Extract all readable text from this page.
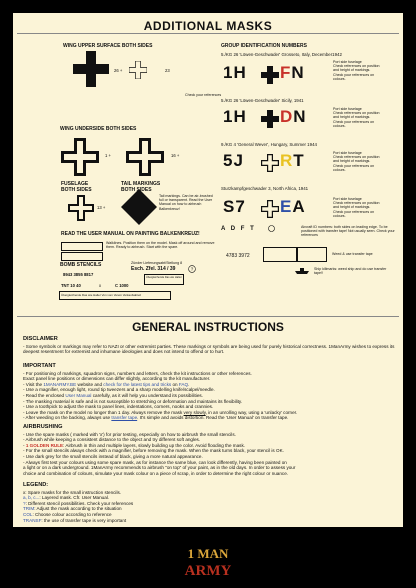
ADDITIONAL MASKS
WING UPPER SURFACE BOTH SIDES
26 +	23
Check your references
WING UNDERSIDE BOTH SIDES
1 +	16 +
FUSELAGE
BOTH SIDES
TAIL MARKINGS
BOTH SIDES
13 +
Tail markings. Can be air-brushed full or transparent. Read the User Manual on how to airbrush Balkenkreuz!
READ THE USER MANUAL ON PAINTING BALKENKREUZ!
Walklines. Position them on the model. Mask off around and remove them. Ready to airbrush. Start with the spare.
BOMB STENCILS
8943 3855 8817
TNT 10 40	x	C 1000
Zünder Lieferungsabt/Stellung 8
Esch. Zfel. 314 / 39
Übergleichende Das wie Halter
Übergleichende Das wie Halter Von vom Verein Verkaufsabteil
?
GROUP IDENTIFICATION NUMBERS
5./KG 26 'Löwen-Geschwader' Grosseto, Italy, December1942
1H FN
Port side fuselage
Check references on position
and height of markings.
Check your references on
colours.
5./KG 26 'Löwen-Geschwader' Sicily, 1941
1H DN	Port side fuselage
Check references on position
and height of markings.
Check your references on
colours.
9./KG 4 'General Wever', Hungary, Summer 1944
5J RT	Port side fuselage
Check references on position
and height of markings.
Check your references on
colours.
Sturzkampfgeschwader 3, North Africa, 1941
S7 EA	Port side fuselage
Check references on position
and height of markings.
Check your references on
colours.
A D F T	Aircraft ID numbers: both sides on leading edge. To be positioned with transfer tape! Not usually seen. Check your references
4783 3972	Weed & use transfer tape
Ship killmarks: weed ship and do use transfer tape!!
GENERAL INSTRUCTIONS
DISCLAIMER

- Some symbols or markings may refer to NAZI or other extremist parties. These markings or symbols are being used for purely historical correctness. 1ManArmy wishes to express its deepest resentment for extremist and inhumane ideologies and does not intend to offend or to hurt.

IMPORTANT

- For positioning of markings, squadron signs, numbers and letters, check the kit instructions or other references.

Exact panel line positions or dimensions can differ slightly, according to the kit manufacturer.

- Visit the 1MANARMY.BE website and check for the latest tips and tricks on FAQ.

- Use a magnifier, enough light, round tip tweezers and a sharp modelling knife/scalpel/needle.

- Read the enclosed User Manual carefully, as it will help you understand its possibilities.

- The masking material is safe and is not susceptible to stretching or deformation and maintains its flexibility.

- Use a toothpick to adjust the mask to panel lines, indentations, corners, nooks and crannies.

- Leave the mask on the model no longer than 1 day. Always remove the mask very slowly, in an unrolling way, using a 'unlacky' corner.

- After weeding on the backing, always use transfer tape. It's simple and avoids distortion. Read the 'User Manual' on transfer tape.

AIRBRUSHING

- Use the spare masks ( marked with 'x') for prior testing, especially on how to airbrush the small stencils.

- Airbrush while keeping a consistent distance to the object and try different soft angles.

- 1 GOLDEN RULE: Airbrush in thin and multiple layers, slowly building up the color. Avoid flooding the mask.

- For the small stencils always check with a magnifier, before removing the mask. When the mask turns black, your stencil is OK.

- Use dark grey for the small stencils instead of black, giving a more natural appearance.

- Always first test your colours using some spare mask, as for instance the same blue, can look differently, having been painted on

a light or on a dark underground. 1ManArmy recommends to airbrush "on top" of your paint, as in the old days. In order to assess your

choice and combination of colours, simulate your mask colour on a piece of scrap, in order to determine the right colour or nuance.

LEGEND:

x: Spare masks for the small instruction stencils.

a, b, c...: Layered mask. Cfr. User Manual.

?: Different stencil possibilities. Check your references

TRIM: Adjust the mask according to the situation

COL: Choose colour according to reference

TRANSF: the use of transfer tape is very important

1 MAN
ARMY
